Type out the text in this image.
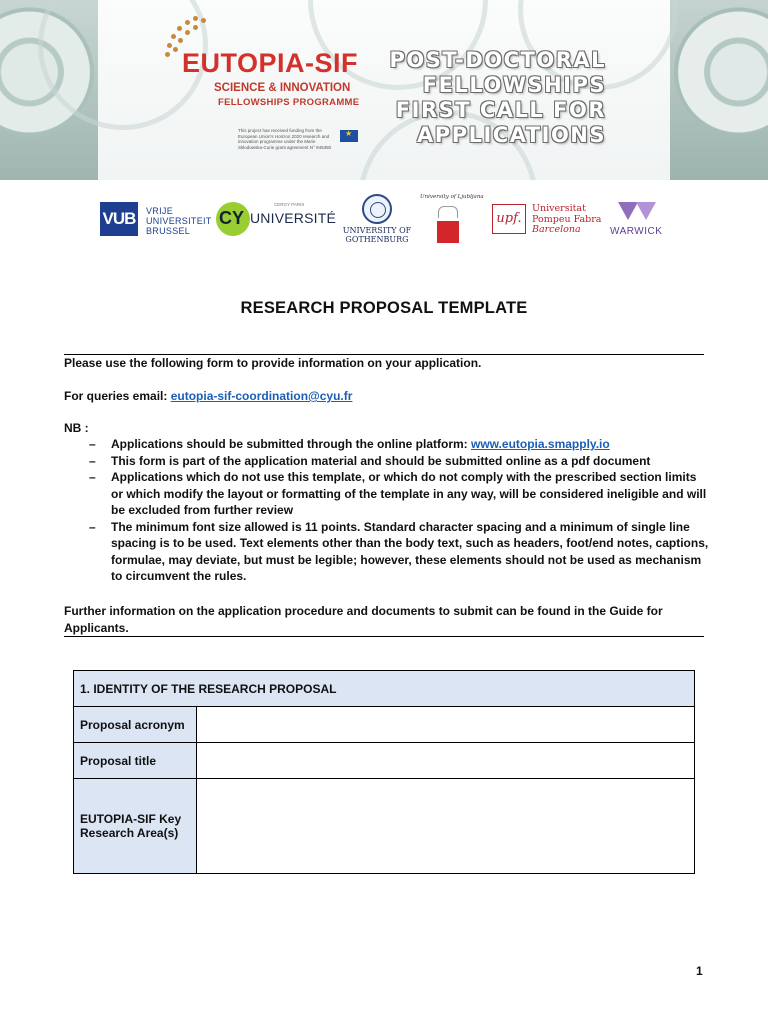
EUTOPIA-SIF
SCIENCE & INNOVATION
FELLOWSHIPS PROGRAMME
This project has received funding from the European Union's Horizon 2020 research and innovation programme under the Marie Skłodowska-Curie grant agreement N° 945380
★
POST-DOCTORAL
FELLOWSHIPS
FIRST CALL FOR
APPLICATIONS
VUB VRIJE
UNIVERSITEIT
BRUSSEL
CY
CERGY PARIS
UNIVERSITÉ
UNIVERSITY OF
GOTHENBURG
University of Ljubljana
upf.
Universitat
Pompeu Fabra
Barcelona	WARWICK
RESEARCH PROPOSAL TEMPLATE
Please use the following form to provide information on your application.
For queries email: eutopia-sif-coordination@cyu.fr
NB :
– Applications should be submitted through the online platform: www.eutopia.smapply.io
– This form is part of the application material and should be submitted online as a pdf document
– Applications which do not use this template, or which do not comply with the prescribed section limits or which modify the layout or formatting of the template in any way, will be considered ineligible and will be excluded from further review
– The minimum font size allowed is 11 points. Standard character spacing and a minimum of single line spacing is to be used. Text elements other than the body text, such as headers, foot/end notes, captions, formulae, may deviate, but must be legible; however, these elements should not be used as mechanism to circumvent the rules.
Further information on the application procedure and documents to submit can be found in the Guide for Applicants.
1. IDENTITY OF THE RESEARCH PROPOSAL	
Proposal acronym	
Proposal title	
EUTOPIA-SIF Key Research Area(s)	
1
